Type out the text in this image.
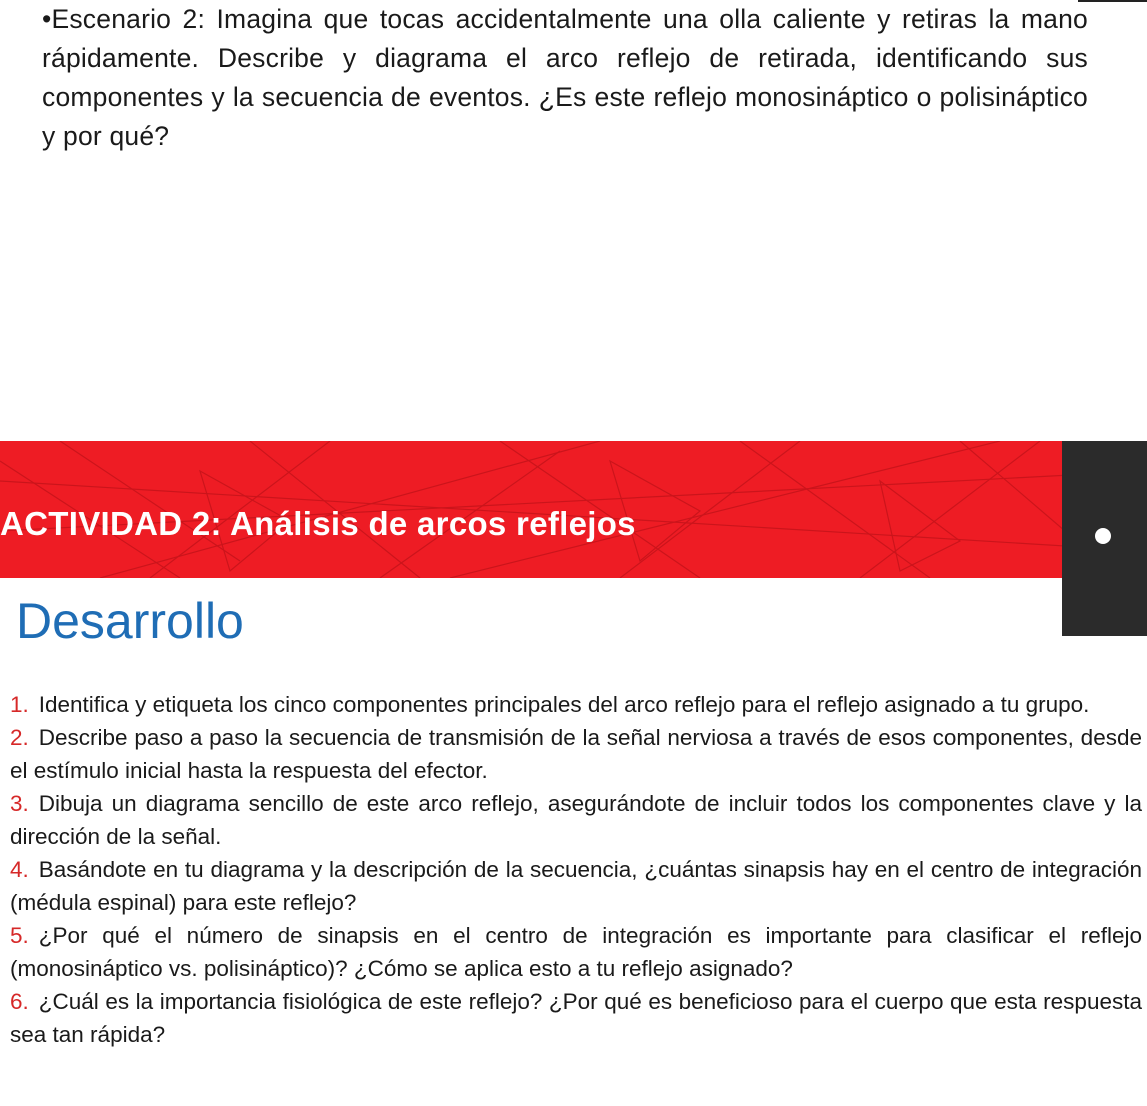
•Escenario 2: Imagina que tocas accidentalmente una olla caliente y retiras la mano rápidamente. Describe y diagrama el arco reflejo de retirada, identificando sus componentes y la secuencia de eventos. ¿Es este reflejo monosináptico o polisináptico y por qué?
ACTIVIDAD 2: Análisis de arcos reflejos
Desarrollo
1. Identifica y etiqueta los cinco componentes principales del arco reflejo para el reflejo asignado a tu grupo.
2. Describe paso a paso la secuencia de transmisión de la señal nerviosa a través de esos componentes, desde el estímulo inicial hasta la respuesta del efector.
3. Dibuja un diagrama sencillo de este arco reflejo, asegurándote de incluir todos los componentes clave y la dirección de la señal.
4. Basándote en tu diagrama y la descripción de la secuencia, ¿cuántas sinapsis hay en el centro de integración (médula espinal) para este reflejo?
5. ¿Por qué el número de sinapsis en el centro de integración es importante para clasificar el reflejo (monosináptico vs. polisináptico)? ¿Cómo se aplica esto a tu reflejo asignado?
6. ¿Cuál es la importancia fisiológica de este reflejo? ¿Por qué es beneficioso para el cuerpo que esta respuesta sea tan rápida?
